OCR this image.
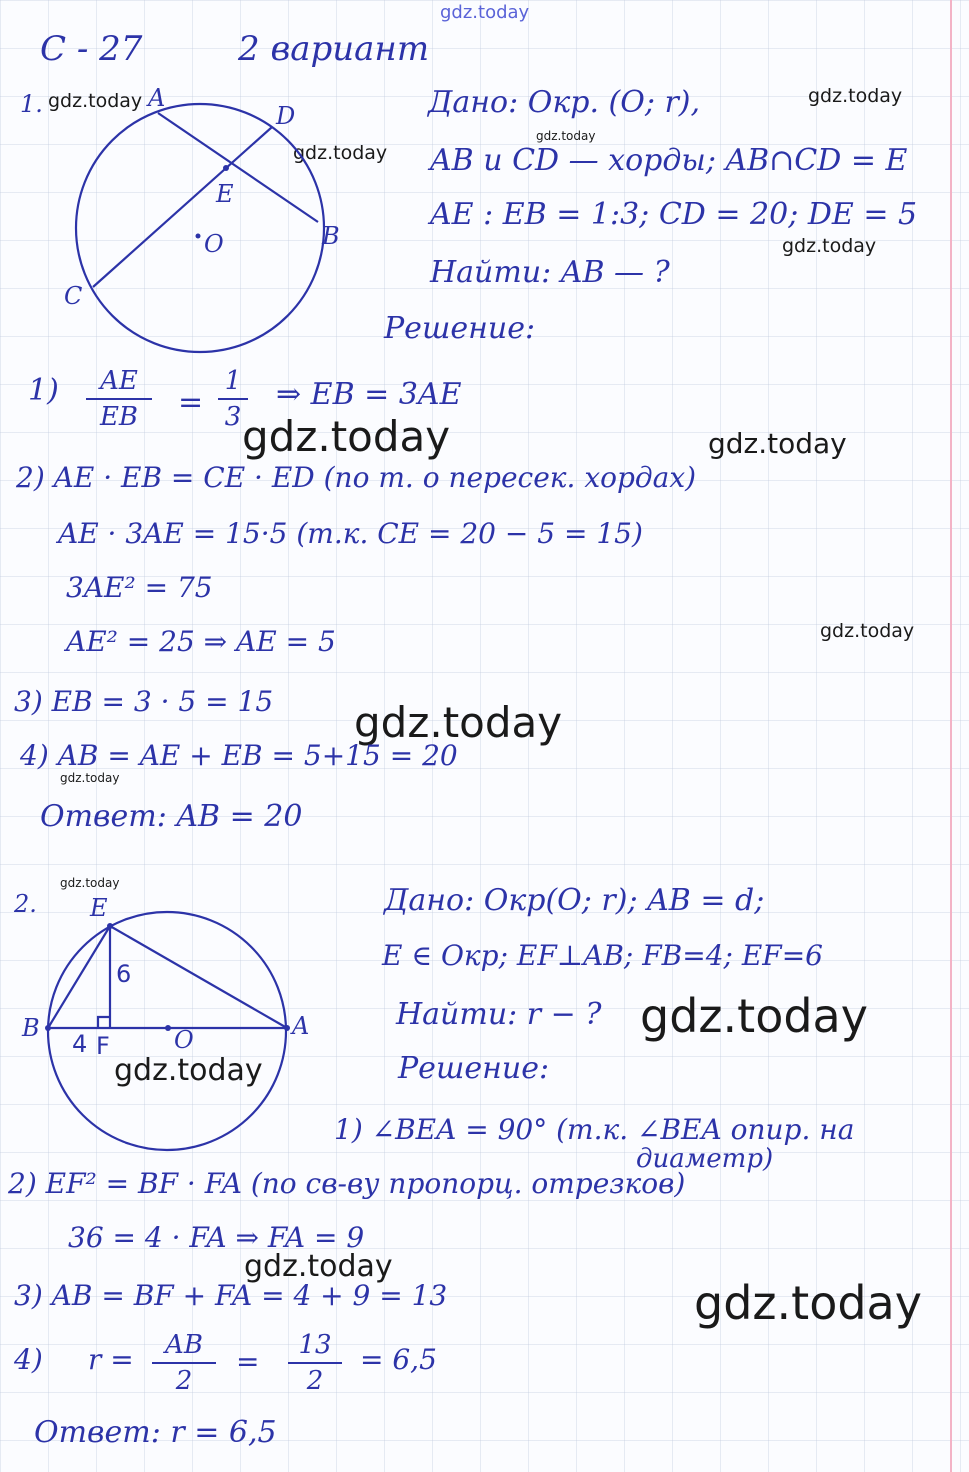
gdz.today
gdz.today	gdz.today
gdz.today
gdz.today
gdz.today
gdz.today	gdz.today
gdz.today
gdz.today
gdz.today
gdz.today
gdz.today
gdz.today
gdz.today
gdz.today
С - 27	2 вариант
1.	A
D
E
O	B
C
Дано: Окр. (O; r),
AB и CD — хорды; AB∩CD = E
AE : EB = 1:3; CD = 20; DE = 5
Найти: AB — ?
Решение:
1)	AE
EB	=
1
3
⇒ EB = 3AE
2) AE · EB = CE · ED (по т. о пересек. хордах)
AE · 3AE = 15·5 (т.к. CE = 20 − 5 = 15)
3AE² = 75
AE² = 25 ⇒ AE = 5
3) EB = 3 · 5 = 15
4) AB = AE + EB = 5+15 = 20
Ответ: AB = 20
2. E
6
B
4 F	O	A
Дано: Окр(O; r); AB = d;
E ∈ Окр; EF⊥AB; FB=4; EF=6
Найти: r − ?
Решение:
1) ∠BEA = 90° (т.к. ∠BEA опир. на
диаметр)
2) EF² = BF · FA (по св-ву пропорц. отрезков)
36 = 4 · FA ⇒ FA = 9
3) AB = BF + FA = 4 + 9 = 13
4) r =	AB
2
=	13
2
= 6,5
Ответ: r = 6,5
